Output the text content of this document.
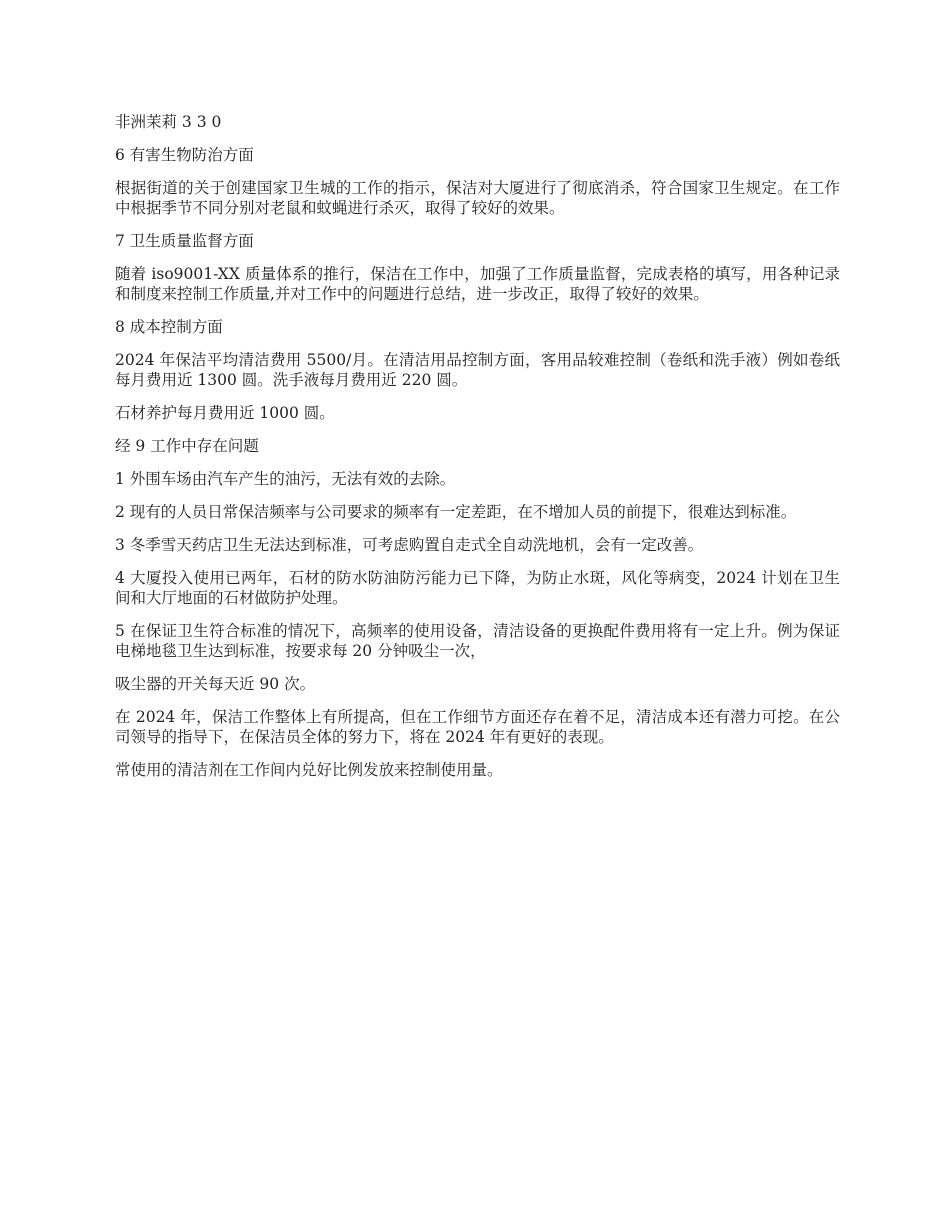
非洲茉莉 3 3 0

6 有害生物防治方面

根据街道的关于创建国家卫生城的工作的指示，保洁对大厦进行了彻底消杀，符合国家卫生规定。在工作中根据季节不同分别对老鼠和蚊蝇进行杀灭，取得了较好的效果。

7 卫生质量监督方面

随着 iso9001-XX 质量体系的推行，保洁在工作中，加强了工作质量监督，完成表格的填写，用各种记录和制度来控制工作质量,并对工作中的问题进行总结，进一步改正，取得了较好的效果。

8 成本控制方面

2024 年保洁平均清洁费用 5500/月。在清洁用品控制方面，客用品较难控制（卷纸和洗手液）例如卷纸每月费用近 1300 圆。洗手液每月费用近 220 圆。

石材养护每月费用近 1000 圆。

经 9 工作中存在问题

1 外围车场由汽车产生的油污，无法有效的去除。

2 现有的人员日常保洁频率与公司要求的频率有一定差距，在不增加人员的前提下，很难达到标准。

3 冬季雪天药店卫生无法达到标准，可考虑购置自走式全自动洗地机，会有一定改善。

4 大厦投入使用已两年，石材的防水防油防污能力已下降，为防止水斑，风化等病变，2024 计划在卫生间和大厅地面的石材做防护处理。

5 在保证卫生符合标准的情况下，高频率的使用设备，清洁设备的更换配件费用将有一定上升。例为保证电梯地毯卫生达到标准，按要求每 20 分钟吸尘一次，

吸尘器的开关每天近 90 次。

在 2024 年，保洁工作整体上有所提高，但在工作细节方面还存在着不足，清洁成本还有潜力可挖。在公司领导的指导下，在保洁员全体的努力下，将在 2024 年有更好的表现。

常使用的清洁剂在工作间内兑好比例发放来控制使用量。
